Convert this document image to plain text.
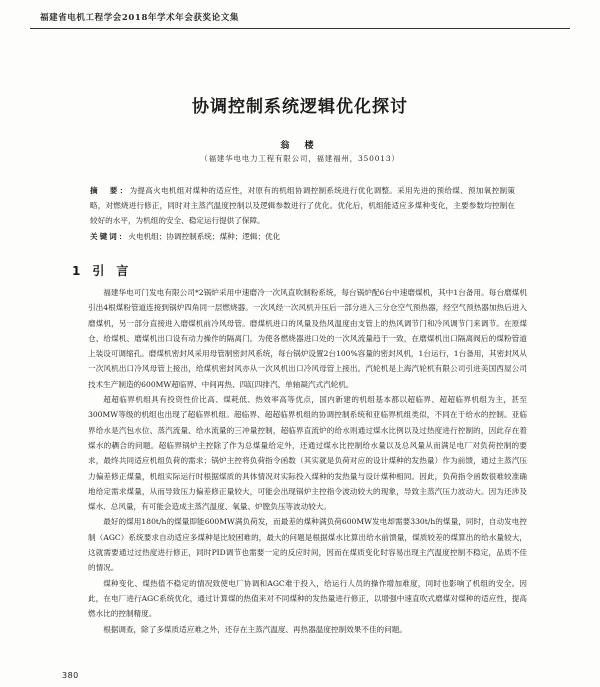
福建省电机工程学会2018年学术年会获奖论文集
协调控制系统逻辑优化探讨
翁 楼
（福建华电电力工程有限公司，福建福州，350013）
摘　要：为提高火电机组对煤种的适应性，对原有的机组协调控制系统进行优化调整。采用先进的预给煤、预加氧控制策略，对燃烧进行修正，同时对主蒸汽温度控制以及逻辑参数进行了优化。优化后，机组能适应多煤种变化，主要参数均控制在较好的水平，为机组的安全、稳定运行提供了保障。
关键词：火电机组；协调控制系统；煤种；逻辑；优化
1 引言

福建华电可门发电有限公司*2锅炉采用中速磨冷一次风直吹制粉系统，每台锅炉配6台中速磨煤机，其中1台备用。每台磨煤机引出4根煤粉管道连接到锅炉四角同一层燃烧器。一次风经一次风机升压后一部分进入三分仓空气预热器，经空气预热器加热后进入磨煤机，另一部分直接进入磨煤机前冷风母管。磨煤机进口的风量及热风温度由支管上的热风调节门和冷风调节门来调节。在原煤仓、给煤机、磨煤机出口设有动力操作的隔离门。为使各燃烧器进口处的一次风流量趋于一致，在磨煤机出口隔离阀后的煤粉管道上装设可调缩孔。磨煤机密封风采用母管制密封风系统，每台锅炉设置2台100%容量的密封风机，1台运行，1台备用，其密封风从一次风机出口冷风母管上接出，给煤机密封风亦从一次风机出口冷风母管上接出。汽轮机是上海汽轮机有限公司引进美国西屋公司技术生产制造的600MW超临界、中间再热、四缸四排汽、单轴凝汽式汽轮机。

超超临界机组具有投资性价比高、煤耗低、热效率高等优点，国内新建的机组基本都以超临界、超超临界机组为主，甚至300MW等级的机组也出现了超临界机组。超临界、超超临界机组的协调控制系统和亚临界机组类似，不同在于给水的控制。亚临界给水是汽包水位、蒸汽流量、给水流量的三冲量控制，超临界直流炉的给水则通过煤水比例以及过热度进行控制的，因此存在着煤水的耦合的问题。超临界锅炉主控除了作为总煤量给定外，还通过煤水比控制给水量以及总风量从而满足电厂对负荷控制的要求，最终共同适应机组负荷的需求；锅炉主控将负荷指令函数（其实就是负荷对应的设计煤种的发热量）作为前馈，通过主蒸汽压力偏差修正煤量，机组实际运行时根据煤质的具体情况对实际投入煤种的发热量与设计煤种相同。因此，负荷指令函数很难较准确地给定需求煤量，从而导致压力偏差修正量较大，可能会出现锅炉主控指令波动较大的现象，导致主蒸汽压力波动大。因为还涉及煤水、总风量，有可能会造成主蒸汽温度、氧量、炉膛负压等波动较大。

最好的煤用180t/h的煤量即能600MW满负荷发，而最差的煤种满负荷600MW发电却需要330t/h的煤量，同时，自动发电控制（AGC）系统要求自动适应多煤种是比较困难的，最大的问题是根据煤水比算出给水前馈量，煤质较差的煤算出的给水量较大，这就需要通过过热度进行修正，同时PID调节也需要一定的反应时间，因而在煤质变化时容易出现主汽温度控制不稳定，品质不佳的情况。

煤种变化、煤热值不稳定的情况致使电厂协调和AGC难于投入，给运行人员的操作增加难度，同时也影响了机组的安全。因此，在电厂进行AGC系统优化，通过计算煤的热值来对不同煤种的发热量进行修正，以增强中速直吹式磨煤对煤种的适应性，提高燃水比的控制精度。

根据调查，除了多煤质适应难之外，还存在主蒸汽温度、再热器温度控制效果不佳的问题。

380
